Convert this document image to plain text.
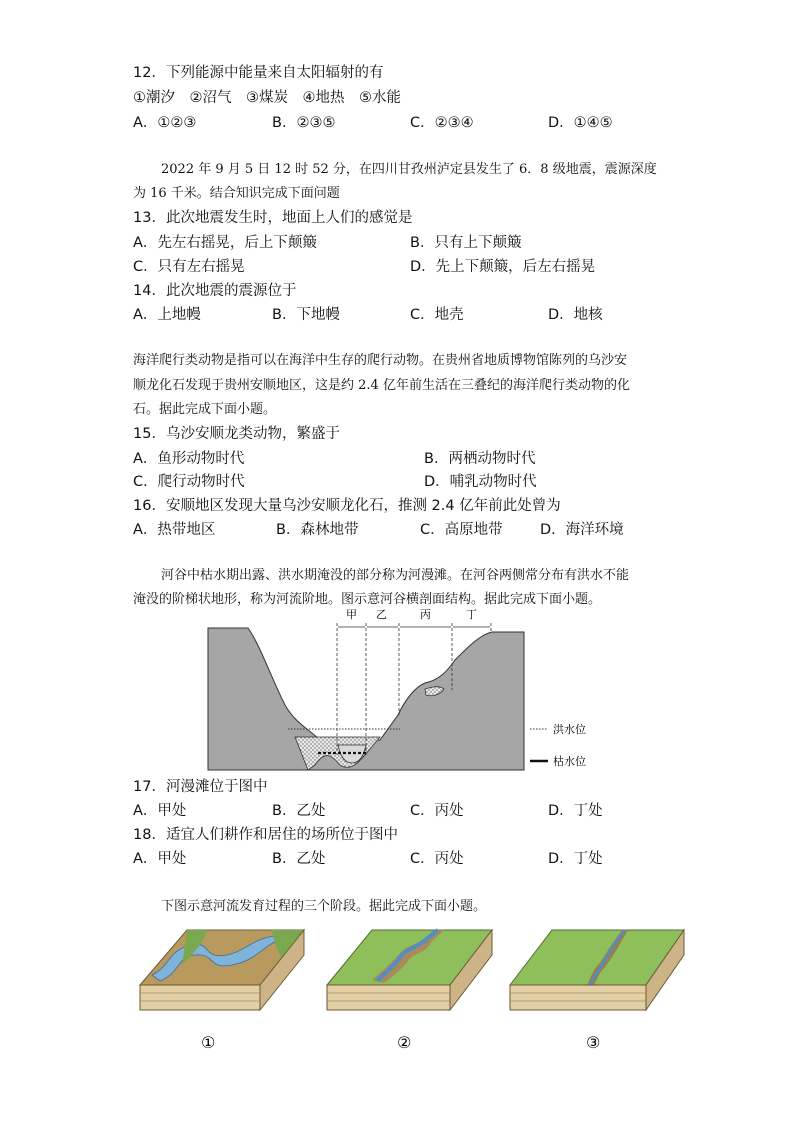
12．下列能源中能量来自太阳辐射的有
①潮汐　②沼气　③煤炭　④地热　⑤水能
A．①②③	B．②③⑤	C．②③④	D．①④⑤
2022 年 9 月 5 日 12 时 52 分，在四川甘孜州泸定县发生了 6．8 级地震，震源深度
为 16 千米。结合知识完成下面问题
13．此次地震发生时，地面上人们的感觉是
A．先左右摇晃，后上下颠簸	B．只有上下颠簸
C．只有左右摇晃	D．先上下颠簸，后左右摇晃
14．此次地震的震源位于
A．上地幔	B．下地幔	C．地壳	D．地核
海洋爬行类动物是指可以在海洋中生存的爬行动物。在贵州省地质博物馆陈列的乌沙安
顺龙化石发现于贵州安顺地区，这是约 2.4 亿年前生活在三叠纪的海洋爬行类动物的化
石。据此完成下面小题。
15．乌沙安顺龙类动物，繁盛于
A．鱼形动物时代	B．两栖动物时代
C．爬行动物时代	D．哺乳动物时代
16．安顺地区发现大量乌沙安顺龙化石，推测 2.4 亿年前此处曾为
A．热带地区	B．森林地带	C．高原地带	D．海洋环境
河谷中枯水期出露、洪水期淹没的部分称为河漫滩。在河谷两侧常分布有洪水不能
淹没的阶梯状地形，称为河流阶地。图示意河谷横剖面结构。据此完成下面小题。
甲 乙	丙	丁
洪水位
枯水位
17．河漫滩位于图中
A．甲处	B．乙处	C．丙处	D．丁处
18．适宜人们耕作和居住的场所位于图中
A．甲处	B．乙处	C．丙处	D．丁处
下图示意河流发育过程的三个阶段。据此完成下面小题。
①	②	③
